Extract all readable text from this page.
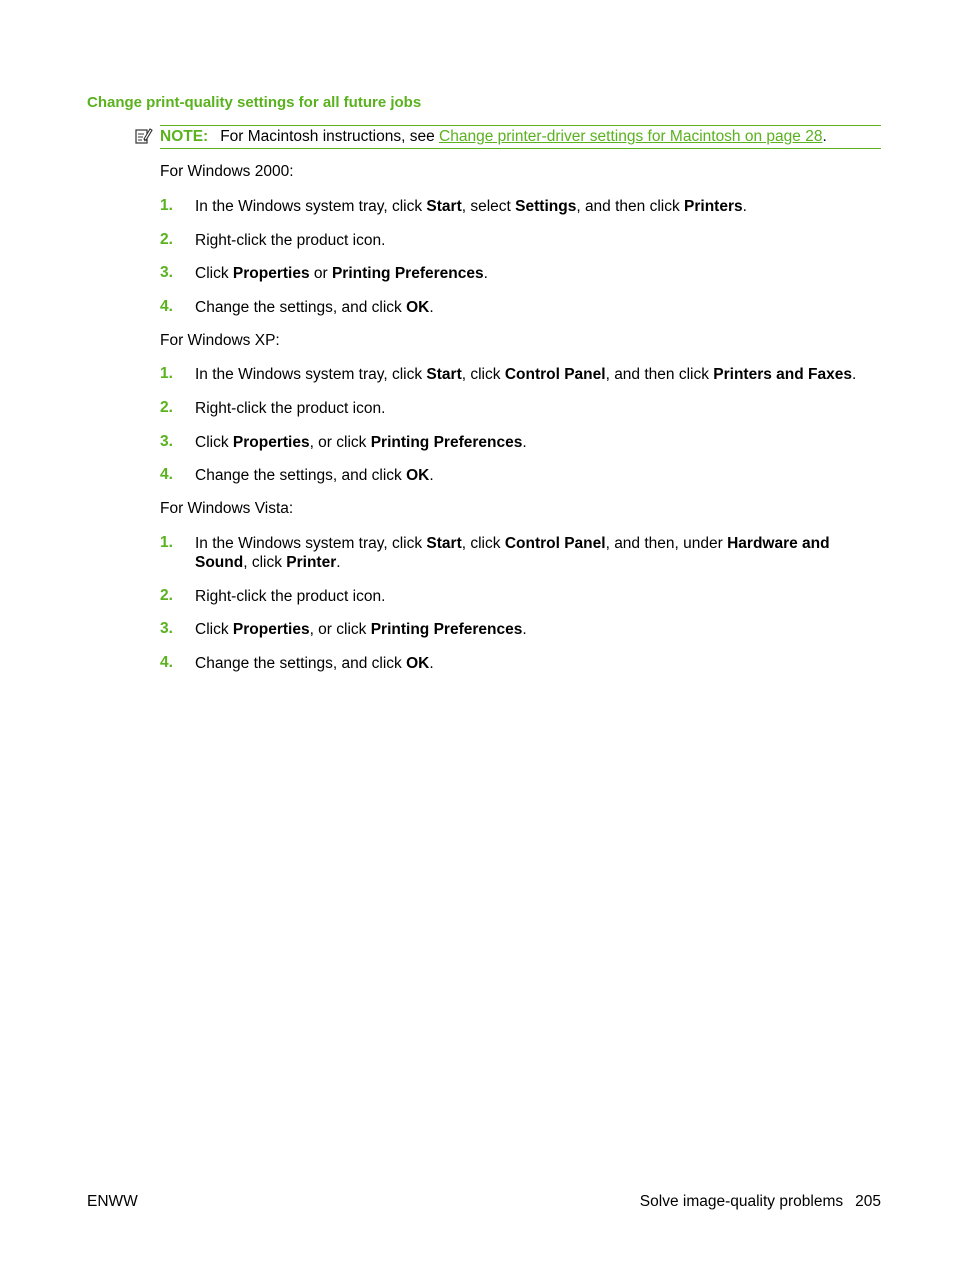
Change print-quality settings for all future jobs
NOTE: For Macintosh instructions, see Change printer-driver settings for Macintosh on page 28.
For Windows 2000:
1. In the Windows system tray, click Start, select Settings, and then click Printers.
2. Right-click the product icon.
3. Click Properties or Printing Preferences.
4. Change the settings, and click OK.
For Windows XP:
1. In the Windows system tray, click Start, click Control Panel, and then click Printers and Faxes.
2. Right-click the product icon.
3. Click Properties, or click Printing Preferences.
4. Change the settings, and click OK.
For Windows Vista:
1. In the Windows system tray, click Start, click Control Panel, and then, under Hardware and Sound, click Printer.
2. Right-click the product icon.
3. Click Properties, or click Printing Preferences.
4. Change the settings, and click OK.
ENWW	Solve image-quality problems 205
